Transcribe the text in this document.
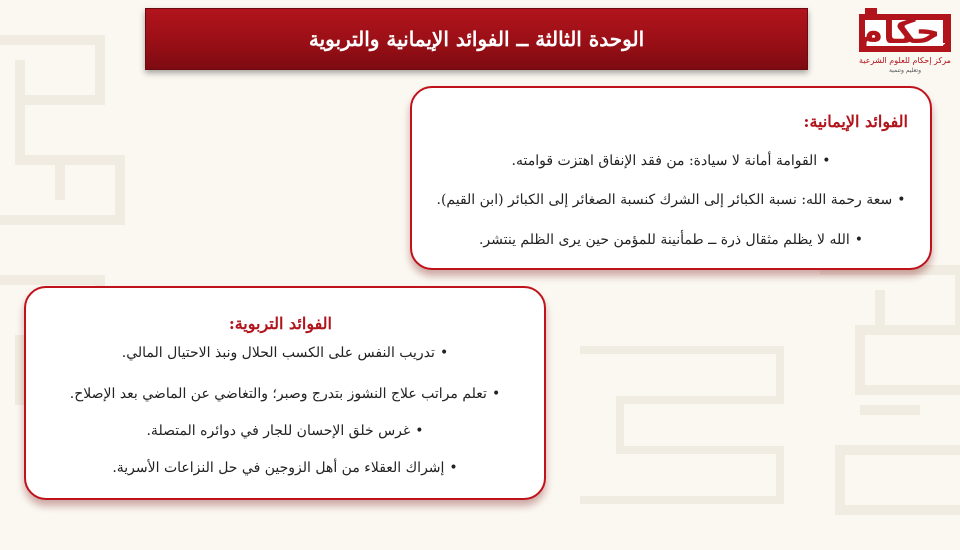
الوحدة الثالثة ــ الفوائد الإيمانية والتربوية	إحكام
مركز إحكام للعلوم الشرعية
وتعليم وتنمية
الفوائد الإيمانية:
•القوامة أمانة لا سيادة: من فقد الإنفاق اهتزت قوامته.
•سعة رحمة الله: نسبة الكبائر إلى الشرك كنسبة الصغائر إلى الكبائر (ابن القيم).
•الله لا يظلم مثقال ذرة ــ طمأنينة للمؤمن حين يرى الظلم ينتشر.
الفوائد التربوية:
•تدريب النفس على الكسب الحلال ونبذ الاحتيال المالي.
•تعلم مراتب علاج النشوز بتدرج وصبر؛ والتغاضي عن الماضي بعد الإصلاح.
•غرس خلق الإحسان للجار في دوائره المتصلة.
•إشراك العقلاء من أهل الزوجين في حل النزاعات الأسرية.
